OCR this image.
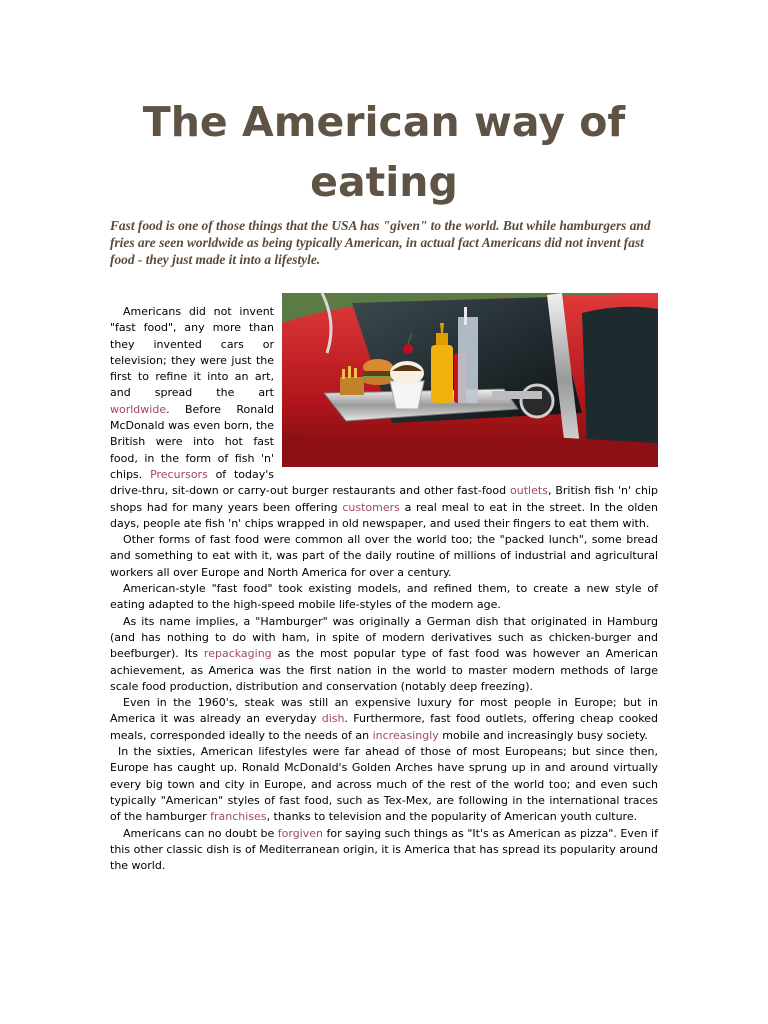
The American way of eating

Fast food is one of those things that the USA has "given" to the world. But while hamburgers and fries are seen worldwide as being typically American, in actual fact Americans did not invent fast food - they just made it into a lifestyle.

Americans did not invent "fast food", any more than they invented cars or television; they were just the first to refine it into an art, and spread the art worldwide. Before Ronald McDonald was even born, the British were into hot fast food, in the form of fish 'n' chips. Precursors of today's drive-thru, sit-down or carry-out burger restaurants and other fast-food outlets, British fish 'n' chip shops had for many years been offering customers a real meal to eat in the street. In the olden days, people ate fish 'n' chips wrapped in old newspaper, and used their fingers to eat them with.

Other forms of fast food were common all over the world too; the "packed lunch", some bread and something to eat with it, was part of the daily routine of millions of industrial and agricultural workers all over Europe and North America for over a century.

American-style "fast food" took existing models, and refined them, to create a new style of eating adapted to the high-speed mobile life-styles of the modern age.

As its name implies, a "Hamburger" was originally a German dish that originated in Hamburg (and has nothing to do with ham, in spite of modern derivatives such as chicken-burger and beefburger). Its repackaging as the most popular type of fast food was however an American achievement, as America was the first nation in the world to master modern methods of large scale food production, distribution and conservation (notably deep freezing).

Even in the 1960's, steak was still an expensive luxury for most people in Europe; but in America it was already an everyday dish. Furthermore, fast food outlets, offering cheap cooked meals, corresponded ideally to the needs of an increasingly mobile and increasingly busy society.

In the sixties, American lifestyles were far ahead of those of most Europeans; but since then, Europe has caught up. Ronald McDonald's Golden Arches have sprung up in and around virtually every big town and city in Europe, and across much of the rest of the world too; and even such typically "American" styles of fast food, such as Tex-Mex, are following in the international traces of the hamburger franchises, thanks to television and the popularity of American youth culture.

Americans can no doubt be forgiven for saying such things as "It's as American as pizza". Even if this other classic dish is of Mediterranean origin, it is America that has spread its popularity around the world.
